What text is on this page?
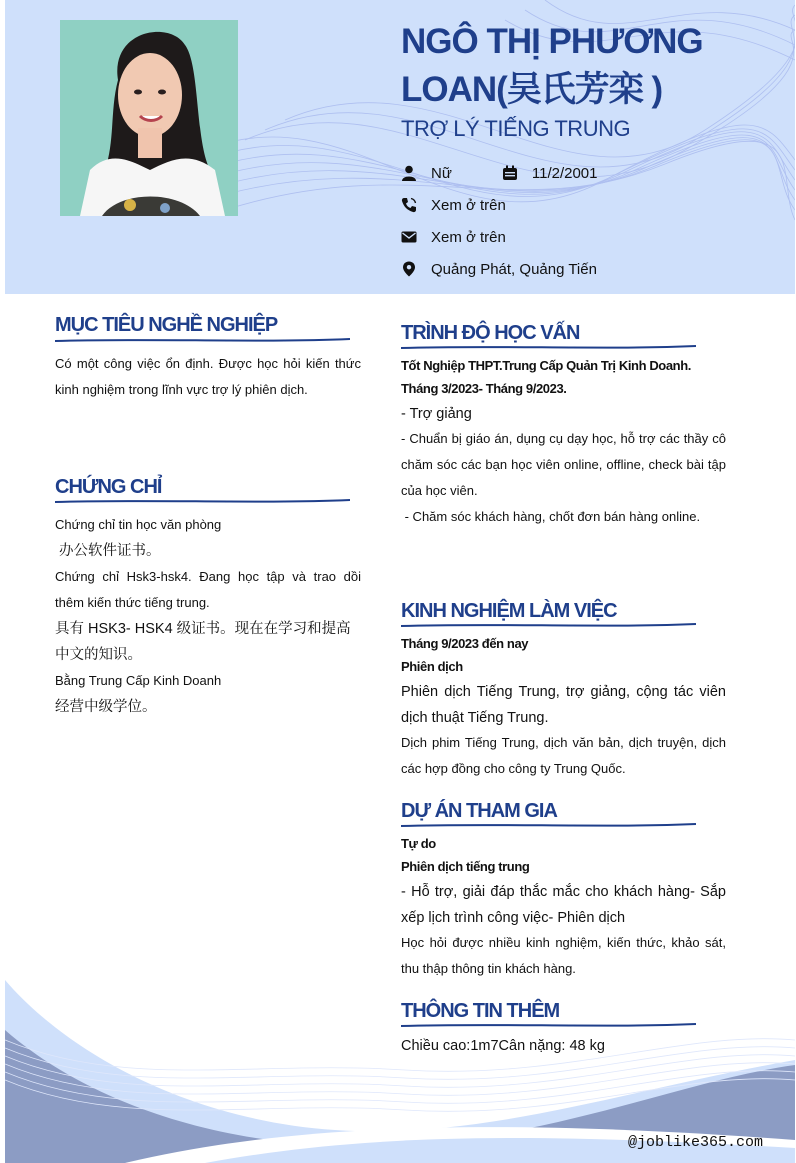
NGÔ THỊ PHƯƠNG LOAN(吴氏芳栾 )
TRỢ LÝ TIẾNG TRUNG
Nữ	11/2/2001
Xem ở trên
Xem ở trên
Quảng Phát, Quảng Tiến
MỤC TIÊU NGHỀ NGHIỆP
Có một công việc ổn định. Được học hỏi kiến thức kinh nghiệm trong lĩnh vực trợ lý phiên dịch.
CHỨNG CHỈ
Chứng chỉ tin học văn phòng
办公软件证书。
Chứng chỉ Hsk3-hsk4. Đang học tập và trao dồi thêm kiến thức tiếng trung.
具有 HSK3- HSK4 级证书。现在在学习和提高中文的知识。
Bằng Trung Cấp Kinh Doanh
经营中级学位。
TRÌNH ĐỘ HỌC VẤN
Tốt Nghiệp THPT.Trung Cấp Quản Trị Kinh Doanh.
Tháng 3/2023- Tháng 9/2023.
- Trợ giảng
- Chuẩn bị giáo án, dụng cụ dạy học, hỗ trợ các thầy cô chăm sóc các bạn học viên online, offline, check bài tập của học viên.
- Chăm sóc khách hàng, chốt đơn bán hàng online.
KINH NGHIỆM LÀM VIỆC
Tháng 9/2023 đến nay
Phiên dịch
Phiên dịch Tiếng Trung, trợ giảng, cộng tác viên dịch thuật Tiếng Trung.
Dịch phim Tiếng Trung, dịch văn bản, dịch truyện, dịch các hợp đồng cho công ty Trung Quốc.
DỰ ÁN THAM GIA
Tự do
Phiên dịch tiếng trung
- Hỗ trợ, giải đáp thắc mắc cho khách hàng- Sắp xếp lịch trình công việc- Phiên dịch
Học hỏi được nhiều kinh nghiệm, kiến thức, khảo sát, thu thập thông tin khách hàng.
THÔNG TIN THÊM
Chiều cao:1m7Cân nặng: 48 kg
@joblike365.com
